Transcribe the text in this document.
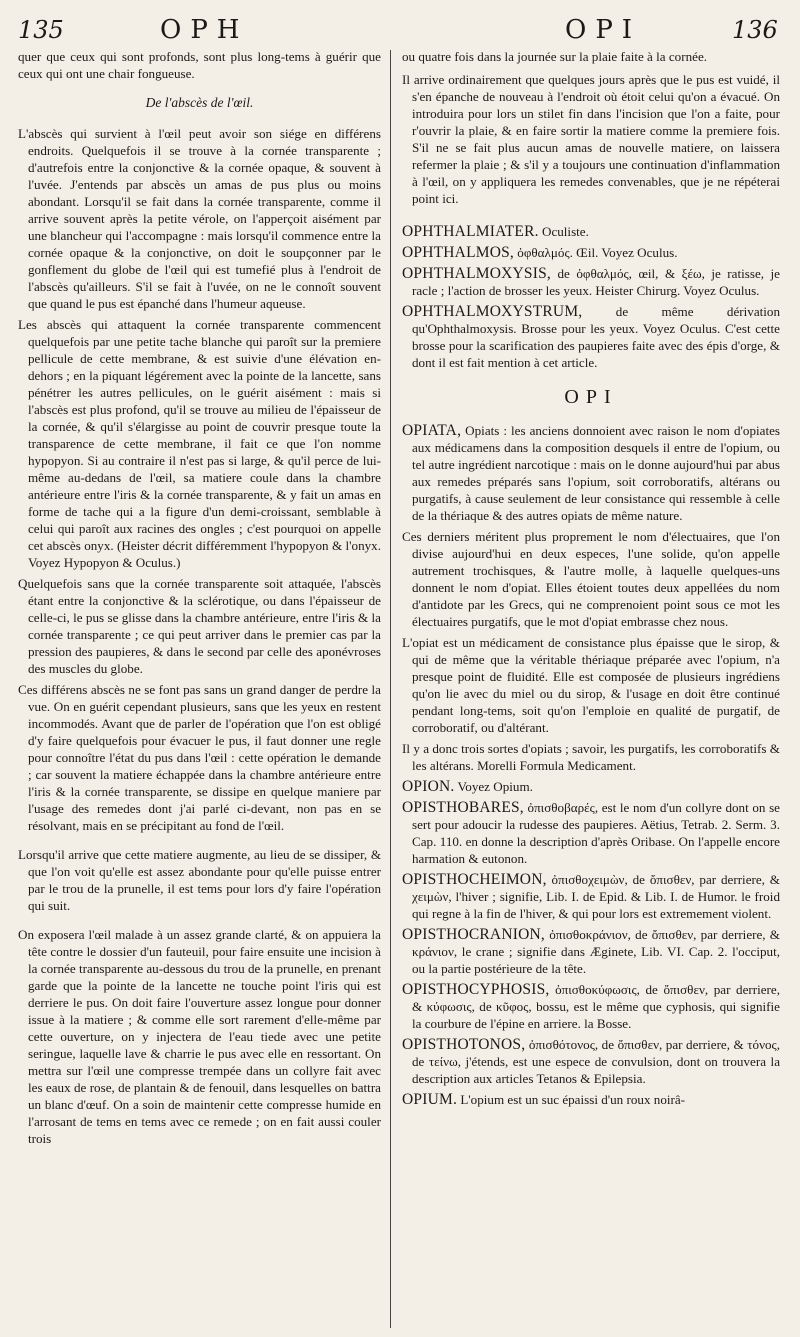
135	OPH	OPI	136

quer que ceux qui sont profonds, sont plus long-tems à guérir que ceux qui ont une chair fongueuse.

De l'abscès de l'œil.

L'abscès qui survient à l'œil peut avoir son siége en différens endroits. Quelquefois il se trouve à la cornée transparente ; d'autrefois entre la conjonctive & la cornée opaque, & souvent à l'uvée. J'entends par abscès un amas de pus plus ou moins abondant. Lorsqu'il se fait dans la cornée transparente, comme il arrive souvent après la petite vérole, on l'apperçoit aisément par une blancheur qui l'accompagne : mais lorsqu'il commence entre la cornée opaque & la conjonctive, on doit le soupçonner par le gonflement du globe de l'œil qui est tumefié plus à l'endroit de l'abscès qu'ailleurs. S'il se fait à l'uvée, on ne le connoît souvent que quand le pus est épanché dans l'humeur aqueuse.

Les abscès qui attaquent la cornée transparente commencent quelquefois par une petite tache blanche qui paroît sur la premiere pellicule de cette membrane, & est suivie d'une élévation en-dehors ; en la piquant légérement avec la pointe de la lancette, sans pénétrer les autres pellicules, on le guérit aisément : mais si l'abscès est plus profond, qu'il se trouve au milieu de l'épaisseur de la cornée, & qu'il s'élargisse au point de couvrir presque toute la transparence de cette membrane, il fait ce que l'on nomme hypopyon. Si au contraire il n'est pas si large, & qu'il perce de lui-même au-dedans de l'œil, sa matiere coule dans la chambre antérieure entre l'iris & la cornée transparente, & y fait un amas en forme de tache qui a la figure d'un demi-croissant, semblable à celui qui paroît aux racines des ongles ; c'est pourquoi on appelle cet abscès onyx. (Heister décrit différemment l'hypopyon & l'onyx. Voyez Hypopyon & Oculus.)

Quelquefois sans que la cornée transparente soit attaquée, l'abscès étant entre la conjonctive & la sclérotique, ou dans l'épaisseur de celle-ci, le pus se glisse dans la chambre antérieure, entre l'iris & la cornée transparente ; ce qui peut arriver dans le premier cas par la pression des paupieres, & dans le second par celle des aponévroses des muscles du globe.

Ces différens abscès ne se font pas sans un grand danger de perdre la vue. On en guérit cependant plusieurs, sans que les yeux en restent incommodés. Avant que de parler de l'opération que l'on est obligé d'y faire quelquefois pour évacuer le pus, il faut donner une regle pour connoître l'état du pus dans l'œil : cette opération le demande ; car souvent la matiere échappée dans la chambre antérieure entre l'iris & la cornée transparente, se dissipe en quelque maniere par l'usage des remedes dont j'ai parlé ci-devant, non pas en se résolvant, mais en se précipitant au fond de l'œil.

Lorsqu'il arrive que cette matiere augmente, au lieu de se dissiper, & que l'on voit qu'elle est assez abondante pour qu'elle puisse entrer par le trou de la prunelle, il est tems pour lors d'y faire l'opération qui suit.

On exposera l'œil malade à un assez grande clarté, & on appuiera la tête contre le dossier d'un fauteuil, pour faire ensuite une incision à la cornée transparente au-dessous du trou de la prunelle, en prenant garde que la pointe de la lancette ne touche point l'iris qui est derriere le pus. On doit faire l'ouverture assez longue pour donner issue à la matiere ; & comme elle sort rarement d'elle-même par cette ouverture, on y injectera de l'eau tiede avec une petite seringue, laquelle lave & charrie le pus avec elle en ressortant. On mettra sur l'œil une compresse trempée dans un collyre fait avec les eaux de rose, de plantain & de fenouil, dans lesquelles on battra un blanc d'œuf. On a soin de maintenir cette compresse humide en l'arrosant de tems en tems avec ce remede ; on en fait aussi couler trois

ou quatre fois dans la journée sur la plaie faite à la cornée.

Il arrive ordinairement que quelques jours après que le pus est vuidé, il s'en épanche de nouveau à l'endroit où étoit celui qu'on a évacué. On introduira pour lors un stilet fin dans l'incision que l'on a faite, pour r'ouvrir la plaie, & en faire sortir la matiere comme la premiere fois. S'il ne se fait plus aucun amas de nouvelle matiere, on laissera refermer la plaie ; & s'il y a toujours une continuation d'inflammation à l'œil, on y appliquera les remedes convenables, que je ne répéterai point ici.

OPHTHALMIATER. Oculiste.

OPHTHALMOS, ὀφθαλμός. Œil. Voyez Oculus.

OPHTHALMOXYSIS, de ὀφθαλμός, œil, & ξέω, je ratisse, je racle ; l'action de brosser les yeux. Heister Chirurg. Voyez Oculus.

OPHTHALMOXYSTRUM,	de même dérivation qu'Ophthalmoxysis. Brosse pour les yeux. Voyez Oculus. C'est cette brosse pour la scarification des paupieres faite avec des épis d'orge, & dont il est fait mention à cet article.

OPI

OPIATA, Opiats : les anciens donnoient avec raison le nom d'opiates aux médicamens dans la composition desquels il entre de l'opium, ou tel autre ingrédient narcotique : mais on le donne aujourd'hui par abus aux remedes préparés sans l'opium, soit corroboratifs, altérans ou purgatifs, à cause seulement de leur consistance qui ressemble à celle de la thériaque & des autres opiats de même nature.

Ces derniers méritent plus proprement le nom d'électuaires, que l'on divise aujourd'hui en deux especes, l'une solide, qu'on appelle autrement trochisques, & l'autre molle, à laquelle quelques-uns donnent le nom d'opiat. Elles étoient toutes deux appellées du nom d'antidote par les Grecs, qui ne comprenoient point sous ce mot les électuaires purgatifs, que le mot d'opiat embrasse chez nous.

L'opiat est un médicament de consistance plus épaisse que le sirop, & qui de même que la véritable thériaque préparée avec l'opium, n'a presque point de fluidité. Elle est composée de plusieurs ingrédiens qu'on lie avec du miel ou du sirop, & l'usage en doit être continué pendant long-tems, soit qu'on l'emploie en qualité de purgatif, de corroboratif, ou d'altérant.

Il y a donc trois sortes d'opiats ; savoir, les purgatifs, les corroboratifs & les altérans. Morelli Formula Medicament.

OPION. Voyez Opium.

OPISTHOBARES, ὀπισθοβαρές, est le nom d'un collyre dont on se sert pour adoucir la rudesse des paupieres. Aëtius, Tetrab. 2. Serm. 3. Cap. 110. en donne la description d'après Oribase. On l'appelle encore harmation & eutonon.

OPISTHOCHEIMON, ὀπισθοχειμὼν, de ὄπισθεν, par derriere, & χειμὼν, l'hiver ; signifie, Lib. I. de Epid. & Lib. I. de Humor. le froid qui regne à la fin de l'hiver, & qui pour lors est extremement violent.

OPISTHOCRANION, ὀπισθοκράνιον, de ὄπισθεν, par derriere, & κράνιον, le crane ; signifie dans Æginete, Lib. VI. Cap. 2. l'occiput, ou la partie postérieure de la tête.

OPISTHOCYPHOSIS, ὀπισθοκύφωσις, de ὄπισθεν, par derriere, & κύφωσις, de κῦφος, bossu, est le même que cyphosis, qui signifie la courbure de l'épine en arriere. la Bosse.

OPISTHOTONOS, ὀπισθότονος, de ὄπισθεν, par derriere, & τόνος, de τείνω, j'étends, est une espece de convulsion, dont on trouvera la description aux articles Tetanos & Epilepsia.

OPIUM. L'opium est un suc épaissi d'un roux noirâ-
